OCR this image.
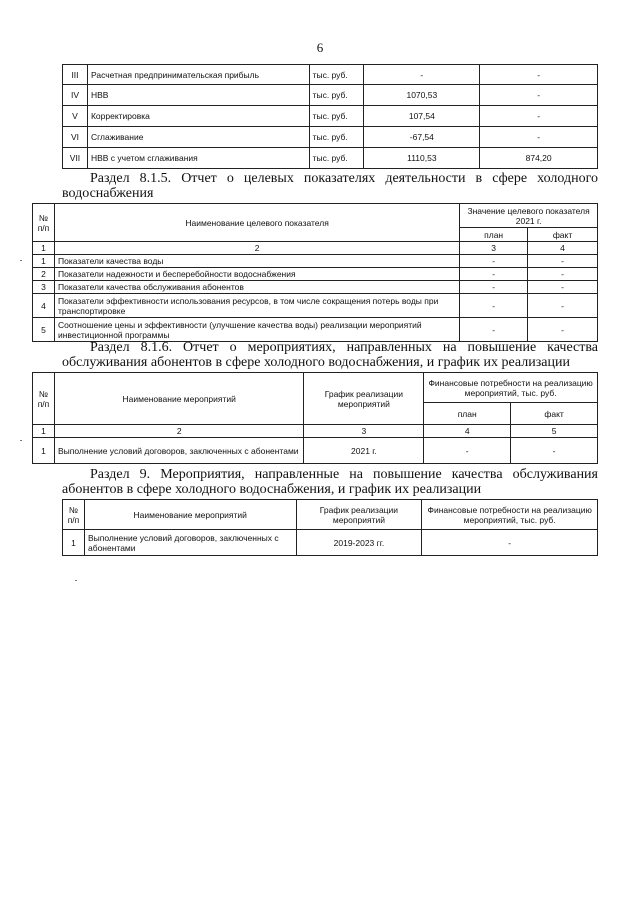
6
III	Расчетная предпринимательская прибыль	тыс. руб.	-	-
IV	НВВ	тыс. руб.	1070,53	-
V	Корректировка	тыс. руб.	107,54	-
VI	Сглаживание	тыс. руб.	-67,54	-
VII	НВВ с учетом сглаживания	тыс. руб.	1110,53	874,20
Раздел 8.1.5. Отчет о целевых показателях деятельности в сфере холодного водоснабжения
№ п/п	Наименование целевого показателя	Значение целевого показателя 2021 г.	
		план	факт
1	2	3	4
1	Показатели качества воды	-	-
2	Показатели надежности и бесперебойности водоснабжения	-	-
3	Показатели качества обслуживания абонентов	-	-
4	Показатели эффективности использования ресурсов, в том числе сокращения потерь воды при транспортировке	-	-
5	Соотношение цены и эффективности (улучшение качества воды) реализации мероприятий инвестиционной программы	-	-
Раздел 8.1.6. Отчет о мероприятиях, направленных на повышение качества обслуживания абонентов в сфере холодного водоснабжения, и график их реализации
№ п/п	Наименование мероприятий	График реализации мероприятий	Финансовые потребности на реализацию мероприятий, тыс. руб.	
			план	факт
1	2	3	4	5
1	Выполнение условий договоров, заключенных с абонентами	2021 г.	-	-
Раздел 9. Мероприятия, направленные на повышение качества обслуживания абонентов в сфере холодного водоснабжения, и график их реализации
№ п/п	Наименование мероприятий	График реализации мероприятий	Финансовые потребности на реализацию мероприятий, тыс. руб.
1	Выполнение условий договоров, заключенных с абонентами	2019-2023 гг.	-
